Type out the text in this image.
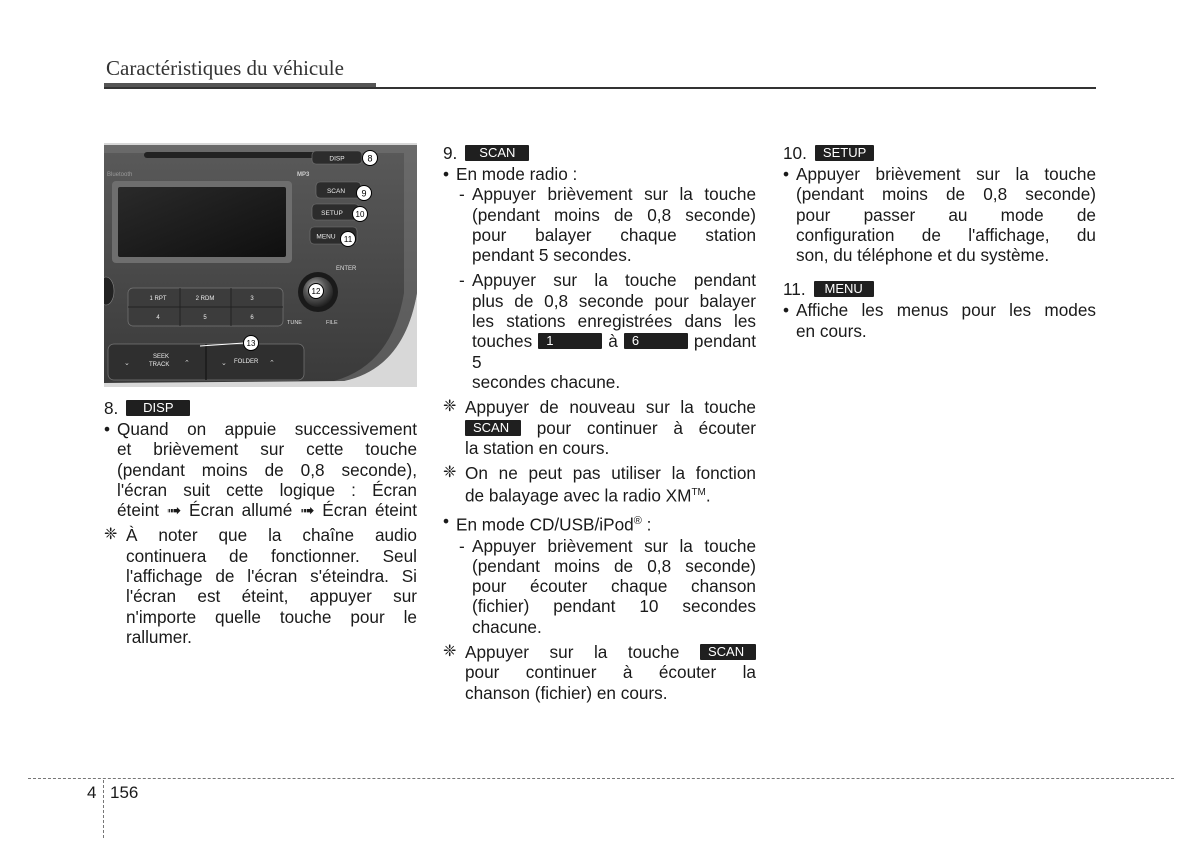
Caractéristiques du véhicule
Bluetooth	MP3
DISP
SCAN
SETUP
MENU
ENTER
TUNE	FILE
1 RPT	2 RDM	3
4	5	6
⌄
SEEK
TRACK ⌃	⌄ FOLDER ⌃
8
9
10
11
12
13
8.	DISP
• Quand on appuie successivement

et brièvement sur cette touche

(pendant moins de 0,8 seconde),

l'écran suit cette logique : Écran

éteint ➟ Écran allumé ➟ Écran éteint

❈ À noter que la chaîne audio

continuera de fonctionner. Seul

l'affichage de l'écran s'éteindra. Si

l'écran est éteint, appuyer sur

n'importe quelle touche pour le

rallumer.

9.	SCAN
• En mode radio :

- Appuyer brièvement sur la touche

(pendant moins de 0,8 seconde)

pour balayer chaque station

pendant 5 secondes.

- Appuyer sur la touche pendant

plus de 0,8 seconde pour balayer

les stations enregistrées dans les

touches 1	à 6	pendant 5

secondes chacune.

❈ Appuyer de nouveau sur la touche

SCAN pour continuer à écouter

la station en cours.

❈ On ne peut pas utiliser la fonction

de balayage avec la radio XM™.

• En mode CD/USB/iPod® :

- Appuyer brièvement sur la touche

(pendant moins de 0,8 seconde)

pour écouter chaque chanson

(fichier) pendant 10 secondes

chacune.

❈ Appuyer sur la touche SCAN

pour continuer à écouter la

chanson (fichier) en cours.

10.	SETUP
• Appuyer brièvement sur la touche

(pendant moins de 0,8 seconde)

pour passer au mode de

configuration de l'affichage, du

son, du téléphone et du système.

11.	MENU
• Affiche les menus pour les modes

en cours.

4 156
